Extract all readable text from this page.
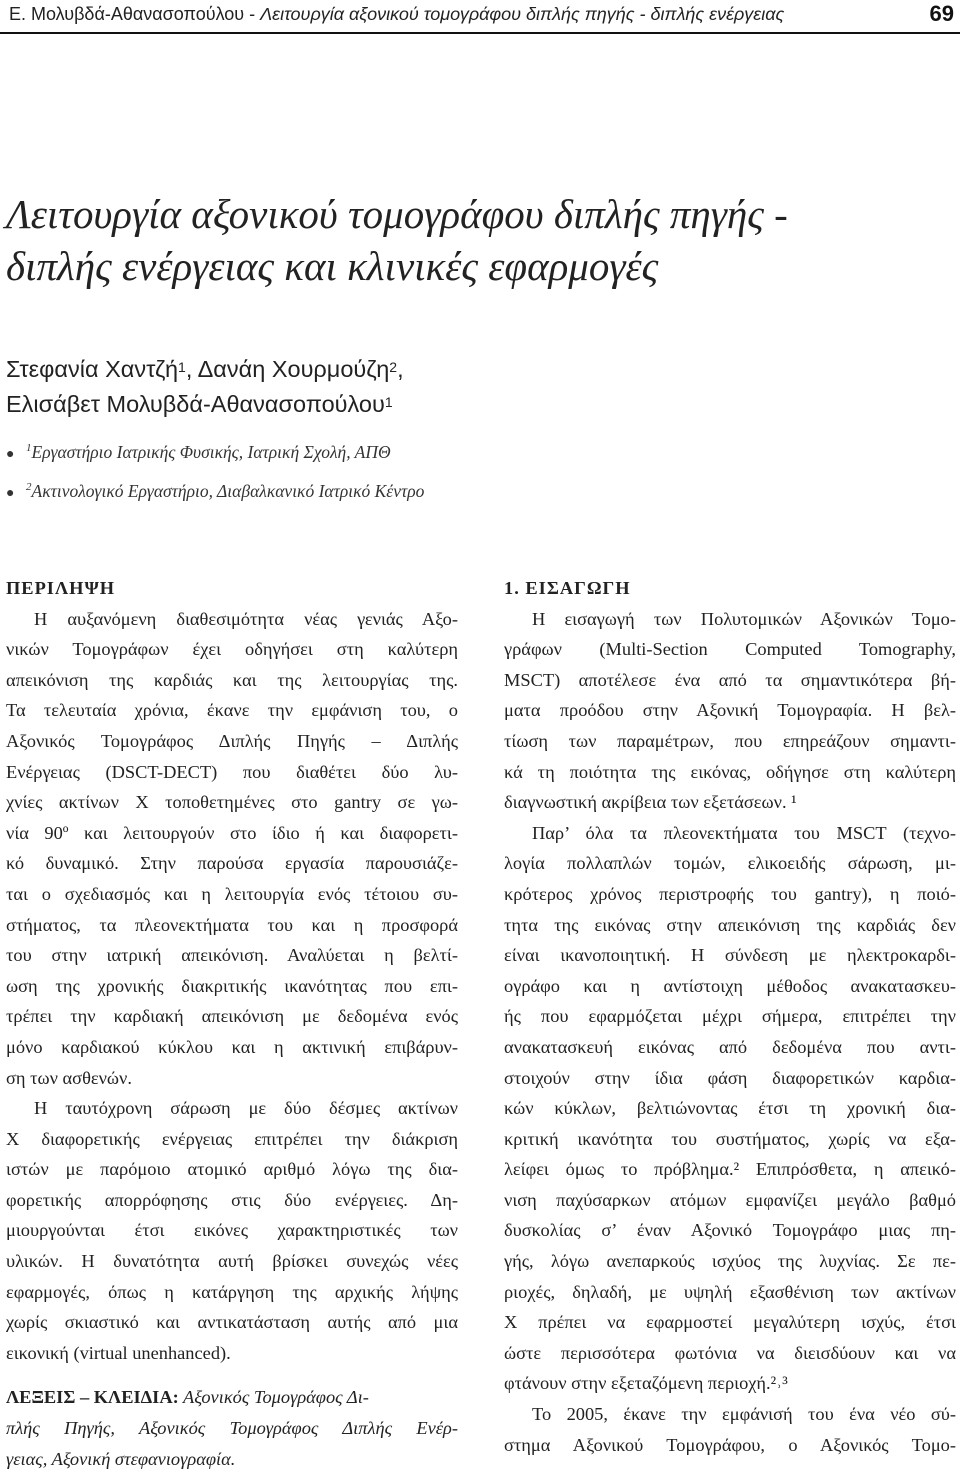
Ε. Μολυβδά-Αθανασοπούλου - Λειτουργία αξονικού τομογράφου διπλής πηγής - διπλής ενέργειας	69
Λειτουργία αξονικού τομογράφου διπλής πηγής -
διπλής ενέργειας και κλινικές εφαρμογές
Στεφανία Χαντζή$^1$, Δανάη Χουρμούζη$^2$,
Ελισάβετ Μολυβδά-Αθανασοπούλου$^1$
● $^1$Εργαστήριο Ιατρικής Φυσικής, Ιατρική Σχολή, ΑΠΘ
● $^2$Ακτινολογικό Εργαστήριο, Διαβαλκανικό Ιατρικό Κέντρο
ΠΕΡΙΛΗΨΗ
Η αυξανόμενη διαθεσιμότητα νέας γενιάς Αξο-
νικών Τομογράφων έχει οδηγήσει στη καλύτερη
απεικόνιση της καρδιάς και της λειτουργίας της.
Τα τελευταία χρόνια, έκανε την εμφάνιση του, ο
Αξονικός Τομογράφος Διπλής Πηγής – Διπλής
Ενέργειας (DSCT-DECT) που διαθέτει δύο λυ-
χνίες ακτίνων Χ τοποθετημένες στο gantry σε γω-
νία 90º και λειτουργούν στο ίδιο ή και διαφορετι-
κό δυναμικό. Στην παρούσα εργασία παρουσιάζε-
ται ο σχεδιασμός και η λειτουργία ενός τέτοιου συ-
στήματος, τα πλεονεκτήματα του και η προσφορά
του στην ιατρική απεικόνιση. Αναλύεται η βελτί-
ωση της χρονικής διακριτικής ικανότητας που επι-
τρέπει την καρδιακή απεικόνιση με δεδομένα ενός
μόνο καρδιακού κύκλου και η ακτινική επιβάρυν-
ση των ασθενών.
Η ταυτόχρονη σάρωση με δύο δέσμες ακτίνων
Χ διαφορετικής ενέργειας επιτρέπει την διάκριση
ιστών με παρόμοιο ατομικό αριθμό λόγω της δια-
φορετικής απορρόφησης στις δύο ενέργειες. Δη-
μιουργούνται έτσι εικόνες χαρακτηριστικές των
υλικών. Η δυνατότητα αυτή βρίσκει συνεχώς νέες
εφαρμογές, όπως η κατάργηση της αρχικής λήψης
χωρίς σκιαστικό και αντικατάσταση αυτής από μια
εικονική (virtual unenhanced).
ΛΕΞΕΙΣ – ΚΛΕΙΔΙΑ: Αξονικός Τομογράφος Δι-
πλής Πηγής, Αξονικός Τομογράφος Διπλής Ενέρ-
γειας, Αξονική στεφανιογραφία.
1. ΕΙΣΑΓΩΓΗ
Η εισαγωγή των Πολυτομικών Αξονικών Τομο-
γράφων (Multi-Section Computed Tomography,
MSCT) αποτέλεσε ένα από τα σημαντικότερα βή-
ματα προόδου στην Αξονική Τομογραφία. Η βελ-
τίωση των παραμέτρων, που επηρεάζουν σημαντι-
κά τη ποιότητα της εικόνας, οδήγησε στη καλύτερη
διαγνωστική ακρίβεια των εξετάσεων. ¹
Παρ’ όλα τα πλεονεκτήματα του MSCT (τεχνο-
λογία πολλαπλών τομών, ελικοειδής σάρωση, μι-
κρότερος χρόνος περιστροφής του gantry), η ποιό-
τητα της εικόνας στην απεικόνιση της καρδιάς δεν
είναι ικανοποιητική. Η σύνδεση με ηλεκτροκαρδι-
ογράφο και η αντίστοιχη μέθοδος ανακατασκευ-
ής που εφαρμόζεται μέχρι σήμερα, επιτρέπει την
ανακατασκευή εικόνας από δεδομένα που αντι-
στοιχούν στην ίδια φάση διαφορετικών καρδια-
κών κύκλων, βελτιώνοντας έτσι τη χρονική δια-
κριτική ικανότητα του συστήματος, χωρίς να εξα-
λείφει όμως το πρόβλημα.² Επιπρόσθετα, η απεικό-
νιση παχύσαρκων ατόμων εμφανίζει μεγάλο βαθμό
δυσκολίας σ’ έναν Αξονικό Τομογράφο μιας πη-
γής, λόγω ανεπαρκούς ισχύος της λυχνίας. Σε πε-
ριοχές, δηλαδή, με υψηλή εξασθένιση των ακτίνων
Χ πρέπει να εφαρμοστεί μεγαλύτερη ισχύς, έτσι
ώστε περισσότερα φωτόνια να διεισδύουν και να
φτάνουν στην εξεταζόμενη περιοχή.²˒³
Το 2005, έκανε την εμφάνισή του ένα νέο σύ-
στημα Αξονικού Τομογράφου, ο Αξονικός Τομο-
